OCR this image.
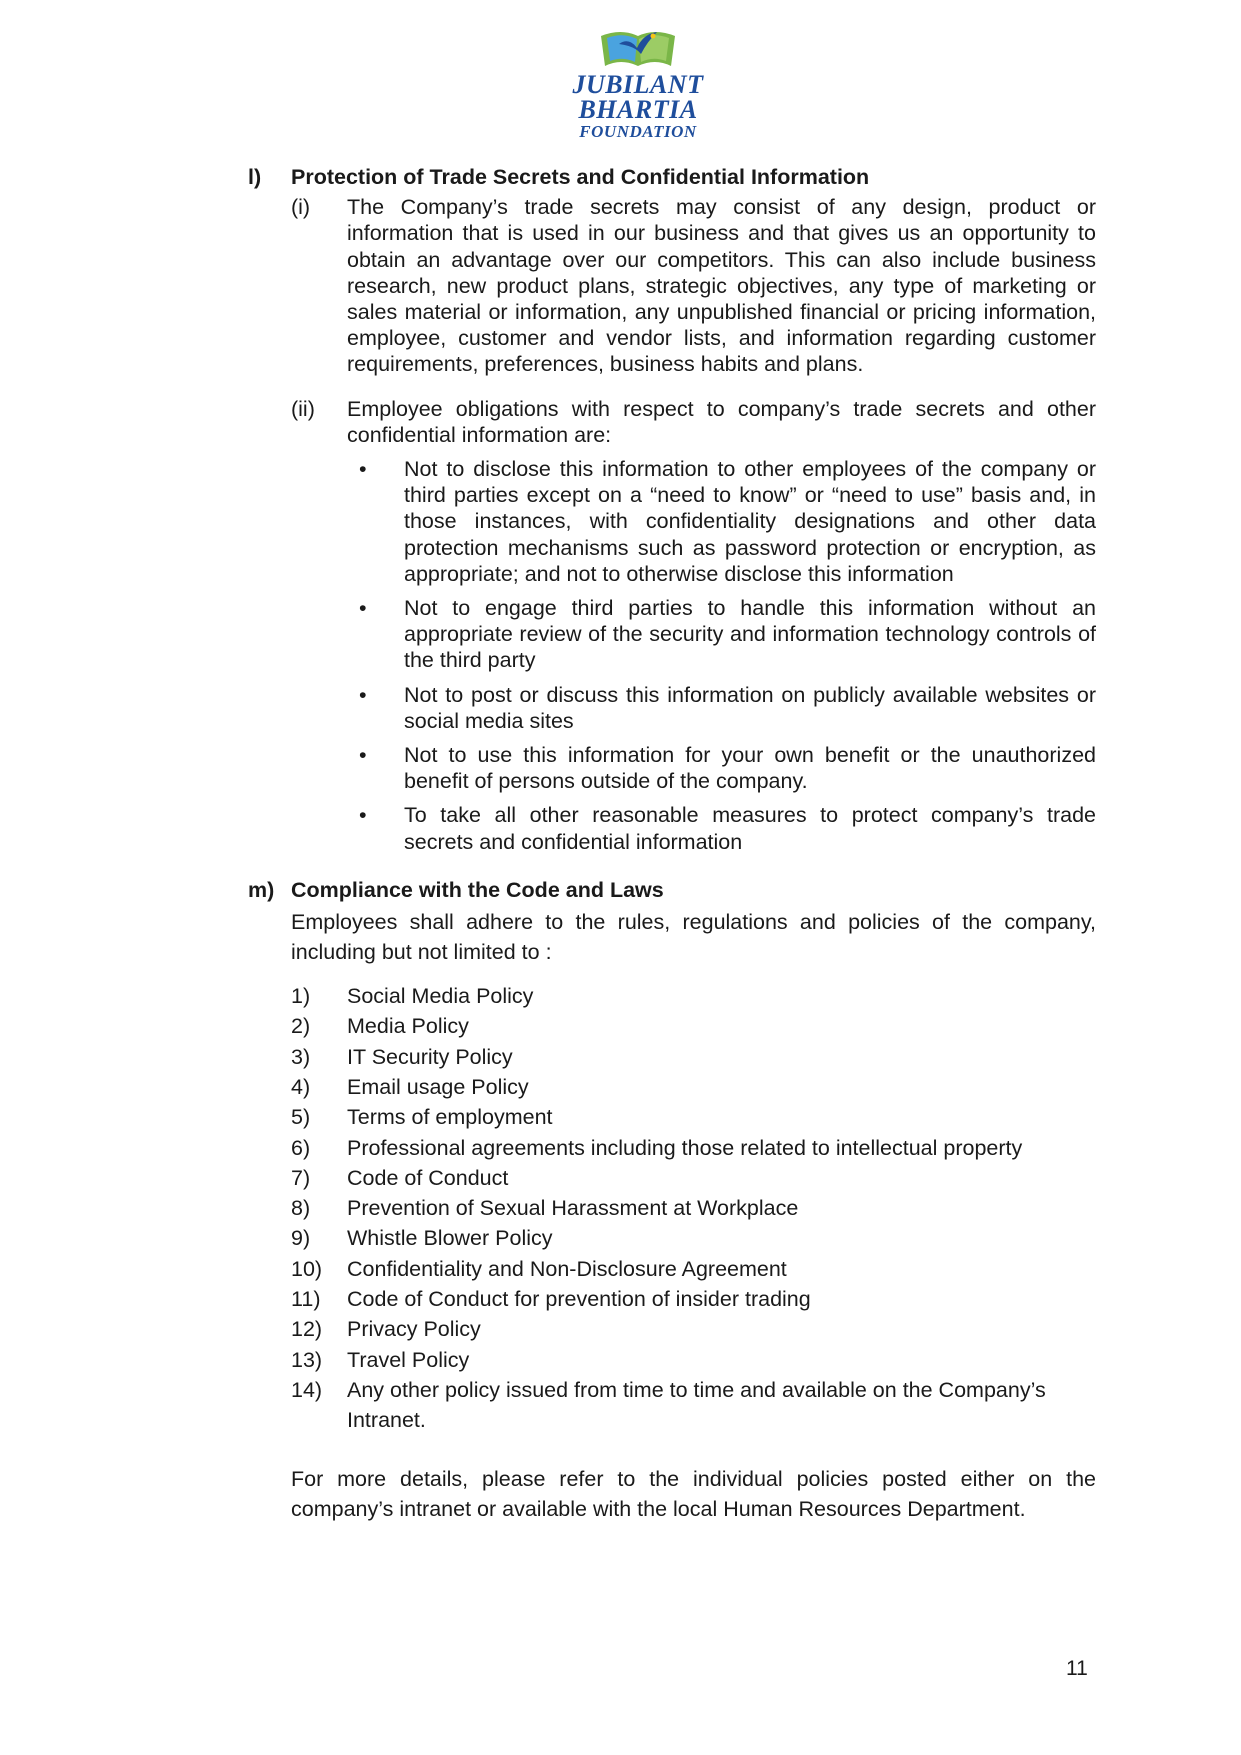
JUBILANT
BHARTIA
FOUNDATION
l)	Protection of Trade Secrets and Confidential Information
(i)	The Company’s trade secrets may consist of any design, product or information that is used in our business and that gives us an opportunity to obtain an advantage over our competitors. This can also include business research, new product plans, strategic objectives, any type of marketing or sales material or information, any unpublished financial or pricing information, employee, customer and vendor lists, and information regarding customer requirements, preferences, business habits and plans.
(ii)	Employee obligations with respect to company’s trade secrets and other confidential information are:
•	Not to disclose this information to other employees of the company or third parties except on a “need to know” or “need to use” basis and, in those instances, with confidentiality designations and other data protection mechanisms such as password protection or encryption, as appropriate; and not to otherwise disclose this information
•	Not to engage third parties to handle this information without an appropriate review of the security and information technology controls of the third party
•	Not to post or discuss this information on publicly available websites or social media sites
•	Not to use this information for your own benefit or the unauthorized benefit of persons outside of the company.
•	To take all other reasonable measures to protect company’s trade secrets and confidential information
m) Compliance with the Code and Laws
Employees shall adhere to the rules, regulations and policies of the company, including but not limited to :
1)	Social Media Policy
2)	Media Policy
3)	IT Security Policy
4)	Email usage Policy
5)	Terms of employment
6)	Professional agreements including those related to intellectual property
7)	Code of Conduct
8)	Prevention of Sexual Harassment at Workplace
9)	Whistle Blower Policy
10)	Confidentiality and Non-Disclosure Agreement
11)	Code of Conduct for prevention of insider trading
12)	Privacy Policy
13)	Travel Policy
14)	Any other policy issued from time to time and available on the Company’s Intranet.
For more details, please refer to the individual policies posted either on the company’s intranet or available with the local Human Resources Department.
11
